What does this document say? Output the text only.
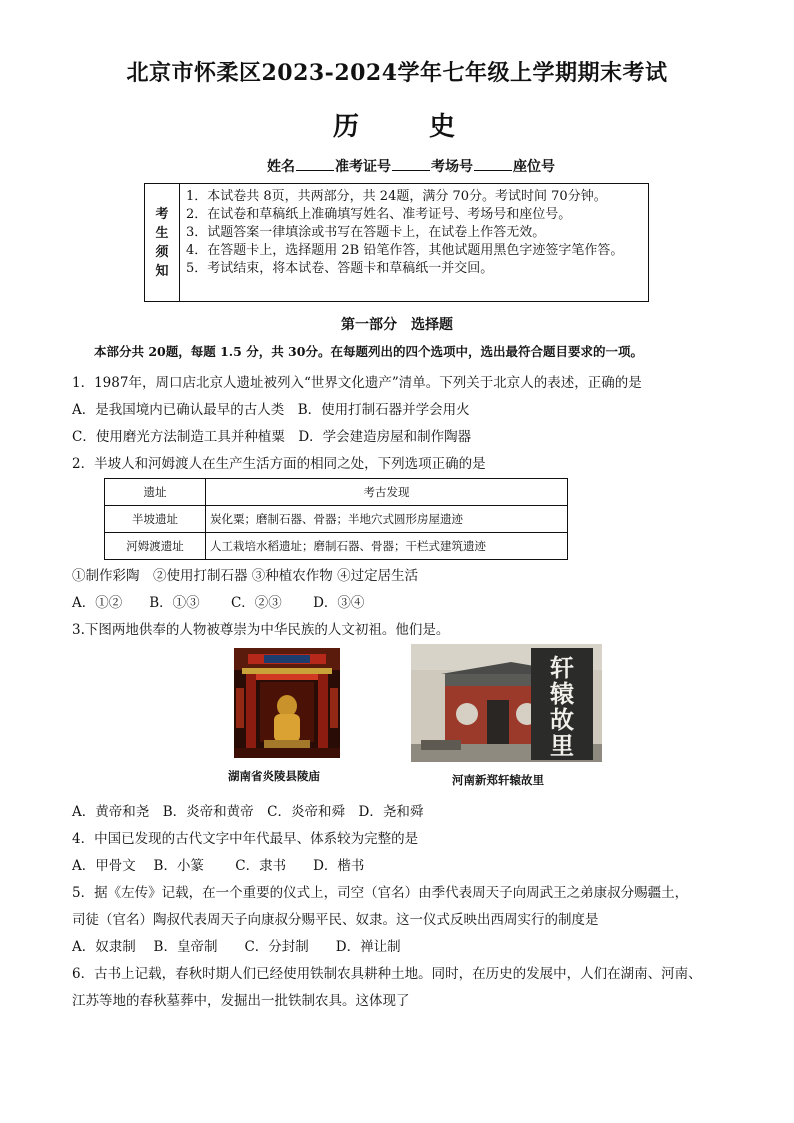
北京市怀柔区2023-2024学年七年级上学期期末考试
历　　史
姓名	准考证号	考场号	座位号
考
生
须
知
1．本试卷共 8页，共两部分，共 24题，满分 70分。考试时间 70分钟。
2．在试卷和草稿纸上准确填写姓名、准考证号、考场号和座位号。
3．试题答案一律填涂或书写在答题卡上，在试卷上作答无效。
4．在答题卡上，选择题用 2B 铅笔作答，其他试题用黑色字迹签字笔作答。
5．考试结束，将本试卷、答题卡和草稿纸一并交回。
第一部分　选择题
本部分共 20题，每题 1.5 分，共 30分。在每题列出的四个选项中，选出最符合题目要求的一项。
1．1987年，周口店北京人遗址被列入“世界文化遗产”清单。下列关于北京人的表述，正确的是
A．是我国境内已确认最早的古人类　B．使用打制石器并学会用火
C．使用磨光方法制造工具并种植粟　D．学会建造房屋和制作陶器
2．半坡人和河姆渡人在生产生活方面的相同之处，下列选项正确的是
遗址	考古发现
半坡遗址	炭化粟；磨制石器、骨器；半地穴式圆形房屋遗迹
河姆渡遗址	人工栽培水稻遗址；磨制石器、骨器；干栏式建筑遗迹
①制作彩陶　②使用打制石器 ③种植农作物 ④过定居生活
A．①②　　B．①③　　 C．②③　　 D．③④
3.下图两地供奉的人物被尊崇为中华民族的人文初祖。他们是。
轩
辕
故
里
湖南省炎陵县陵庙	河南新郑轩辕故里
A．黄帝和尧　B．炎帝和黄帝　C．炎帝和舜　D．尧和舜
4．中国已发现的古代文字中年代最早、体系较为完整的是
A．甲骨文　 B．小篆　　 C．隶书　　D．楷书
5．据《左传》记载，在一个重要的仪式上，司空（官名）由季代表周天子向周武王之弟康叔分赐疆土，
司徒（官名）陶叔代表周天子向康叔分赐平民、奴隶。这一仪式反映出西周实行的制度是
A．奴隶制　 B．皇帝制　　C．分封制　　D．禅让制
6．古书上记载，春秋时期人们已经使用铁制农具耕种土地。同时，在历史的发展中，人们在湖南、河南、
江苏等地的春秋墓葬中，发掘出一批铁制农具。这体现了
